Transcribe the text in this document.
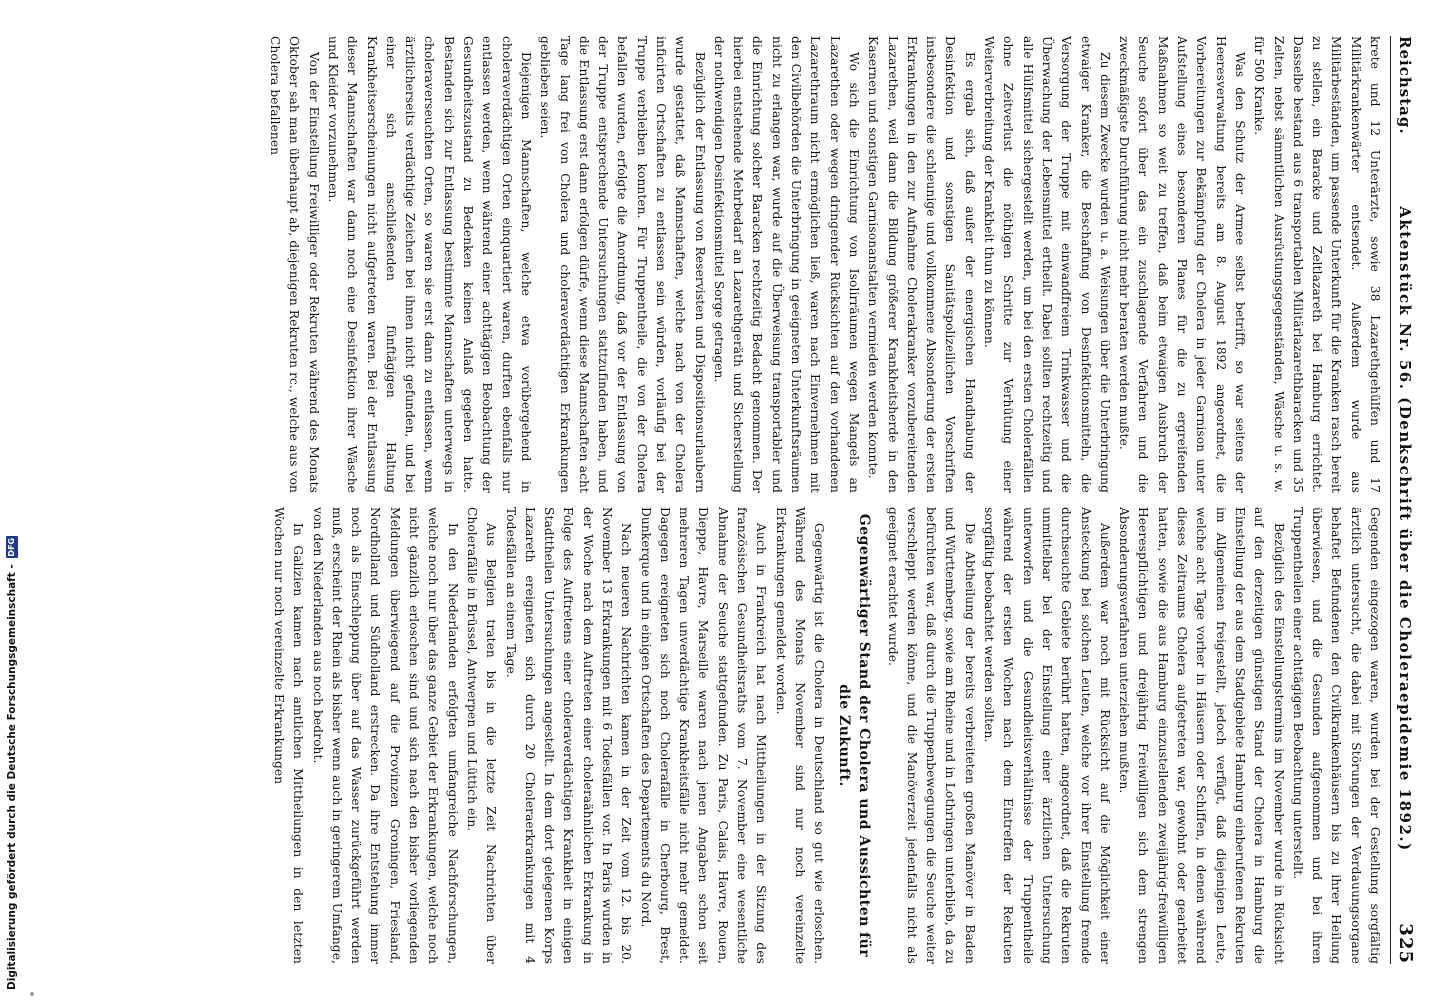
Reichstag.
Aktenstück Nr. 56. (Denkschrift über die Choleraepidemie 1892.)
325

krete und 12 Unterärzte, sowie 38 Lazarethgehülfen und 17 Militärkrankenwärter entsendet. Außerdem wurde aus Militärbeständen, um passende Unterkunft für die Kranken rasch bereit zu stellen, ein Baracke und Zeltlazareth bei Hamburg errichtet. Dasselbe bestand aus 6 transportablen Militärlazarethbaracken und 35 Zelten, nebst sämmtlichen Ausrüstungsgegenständen, Wäsche u. s. w. für 500 Kranke.

Was den Schutz der Armee selbst betrifft, so war seitens der Heeresverwaltung bereits am 8. August 1892 angeordnet, die Vorbereitungen zur Bekämpfung der Cholera in jeder Garnison unter Aufstellung eines besonderen Planes für die zu ergreifenden Maßnahmen so weit zu treffen, daß beim etwaigen Ausbruch der Seuche sofort über das ein zuschlagende Verfahren und die zweckmäßigste Durchführung nicht mehr beraten werden mußte.

Zu diesem Zwecke wurden u. a. Weisungen über die Unterbringung etwaiger Kranker, die Beschaffung von Desinfektionsmitteln, die Versorgung der Truppe mit einwandfreiem Trinkwasser und die Überwachung der Lebensmittel ertheilt. Dabei sollten rechtzeitig und alle Hülfsmittel sichergestellt werden, um bei den ersten Cholerafällen ohne Zeitverlust die nöthigen Schritte zur Verhütung einer Weiterverbreitung der Krankheit thun zu können.

Es ergab sich, daß außer der energischen Handhabung der Desinfektion und sonstigen Sanitätspolizeilichen Vorschriften insbesondere die schleunige und vollkommene Absonderung der ersten Erkrankungen in den zur Aufnahme Cholerakranker vorzubereitenden Lazarethen, weil dann die Bildung größerer Krankheitsherde in den Kasernen und sonstigen Garnisonanstalten vermieden werden konnte.

Wo sich die Einrichtung von Isolirräumen wegen Mangels an Lazarethen oder wegen dringender Rücksichten auf den vorhandenen Lazarethraum nicht ermöglichen ließ, waren nach Einvernehmen mit den Civilbehörden die Unterbringung in geeigneten Unterkunftsräumen nicht zu erlangen war, wurde auf die Überweisung transportabler und die Einrichtung solcher Baracken rechtzeitig Bedacht genommen. Der hierbei entstehende Mehrbedarf an Lazarethgeräth und Sicherstellung der nothwendigen Desinfektionsmittel Sorge getragen.

Bezüglich der Entlassung von Reservisten und Dispositionsurlaubern wurde gestattet, daß Mannschaften, welche nach von der Cholera inficirten Ortschaften zu entlassen sein würden, vorläufig bei der Truppe verbleiben konnten. Für Truppentheile, die von der Cholera befallen wurden, erfolgte die Anordnung, daß vor der Entlassung von der Truppe entsprechende Untersuchungen stattzufinden haben, und die Entlassung erst dann erfolgen dürfe, wenn diese Mannschaften acht Tage lang frei von Cholera und choleraverdächtigen Erkrankungen geblieben seien.

Diejenigen Mannschaften, welche etwa vorübergehend in choleraverdächtigen Orten einquartiert waren, durften ebenfalls nur entlassen werden, wenn während einer achttägigen Beobachtung der Gesundheitszustand zu Bedenken keinen Anlaß gegeben hatte. Bestanden sich zur Entlassung bestimmte Mannschaften unterwegs in choleraverseuchten Orten, so waren sie erst dann zu entlassen, wenn ärztlicherseits verdächtige Zeichen bei ihnen nicht gefunden, und bei einer sich anschließenden fünftägigen Haltung Krankheitserscheinungen nicht aufgetreten waren. Bei der Entlassung dieser Mannschaften war dann noch eine Desinfektion ihrer Wäsche und Kleider vorzunehmen.

Von der Einstellung Freiwilliger oder Rekruten während des Monats Oktober sah man überhaupt ab, diejenigen Rekruten rc., welche aus von Cholera befallenen

Gegenden eingezogen waren, wurden bei der Gestellung sorgfältig ärztlich untersucht, die dabei mit Störungen der Verdauungsorgane behaftet Befundenen den Civilkrankenhäusern bis zu ihrer Heilung überwiesen, und die Gesunden aufgenommen und bei ihren Truppentheilen einer achttägigen Beobachtung unterstellt.

Bezüglich des Einstellungstermins im November wurde in Rücksicht auf den derzeitigen günstigen Stand der Cholera in Hamburg die Einstellung der aus dem Stadtgebiete Hamburg einberufenen Rekruten im Allgemeinen freigestellt, jedoch verfügt, daß diejenigen Leute, welche acht Tage vorher in Häusern oder Schiffen, in denen während dieses Zeitraums Cholera aufgetreten war, gewohnt oder gearbeitet hatten, sowie die aus Hamburg einzustellenden zweijährig-freiwilligen Heerespflichtigen und dreijährig Freiwilligen sich dem strengen Absonderungsverfahren unterziehen mußten.

Außerdem war noch mit Rücksicht auf die Möglichkeit einer Ansteckung bei solchen Leuten, welche vor ihrer Einstellung fremde durchseuchte Gebiete berührt hatten, angeordnet, daß die Rekruten unmittelbar bei der Einstellung einer ärztlichen Untersuchung unterworfen und die Gesundheitsverhältnisse der Truppentheile während der ersten Wochen nach dem Eintreffen der Rekruten sorgfältig beobachtet werden sollten.

Die Abtheilung der bereits verbreiteten großen Manöver in Baden und Württemberg, sowie am Rheine und in Lothringen unterblieb, da zu befürchten war, daß durch die Truppenbewegungen die Seuche weiter verschleppt werden könne, und die Manöverzeit jedenfalls nicht als geeignet erachtet wurde.

Gegenwärtiger Stand der Cholera und Aussichten für die Zukunft.

Gegenwärtig ist die Cholera in Deutschland so gut wie erloschen. Während des Monats November sind nur noch vereinzelte Erkrankungen gemeldet worden.

Auch in Frankreich hat nach Mittheilungen in der Sitzung des französischen Gesundheitsraths vom 7. November eine wesentliche Abnahme der Seuche stattgefunden. Zu Paris, Calais, Havre, Rouen, Dieppe, Havre, Marseille waren nach jenen Angaben schon seit mehreren Tagen unverdächtige Krankheitsfälle nicht mehr gemeldet. Dagegen ereigneten sich noch Cholerafälle in Cherbourg, Brest, Dunkerque und in einigen Ortschaften des Departements du Nord.

Nach neueren Nachrichten kamen in der Zeit vom 12. bis 20. November 13 Erkrankungen mit 6 Todesfällen vor. In Paris wurden in der Woche nach dem Auftreten einer choleraähnlichen Erkrankung in Folge des Auftretens einer choleraverdächtigen Krankheit in einigen Stadttheilen Untersuchungen angestellt. In dem dort gelegenen Korps Lazareth ereigneten sich durch 20 Choleraerkrankungen mit 4 Todesfällen an einem Tage.

Aus Belgien traten bis in die letzte Zeit Nachrichten über Cholerafälle in Brüssel, Antwerpen und Lüttich ein.

In den Niederlanden erfolgten umfangreiche Nachforschungen, welche noch nur über das ganze Gebiet der Erkrankungen, welche noch nicht gänzlich erloschen sind und sich nach den bisher vorliegenden Meldungen überwiegend auf die Provinzen Groningen, Friesland, Nordholland und Südholland erstrecken. Da ihre Entstehung immer noch als Einschleppung über auf das Wasser zurückgeführt werden muß, erscheint der Rhein als bisher wenn auch in geringerem Umfange, von den Niederlanden aus noch bedroht.

In Galizien kamen nach amtlichen Mittheilungen in den letzten Wochen nur noch vereinzelte Erkrankungen

Digitalisierung gefördert durch die Deutsche Forschungsgemeinschaft -
DFG
